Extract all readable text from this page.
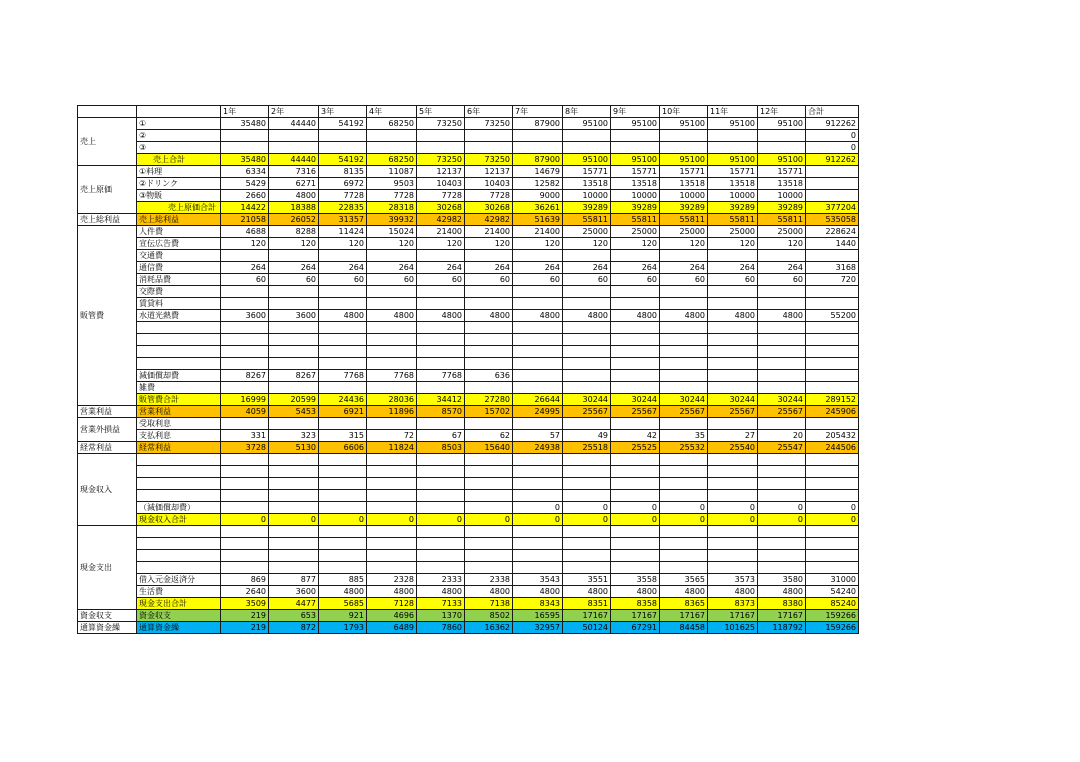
		1年	2年	3年	4年	5年	6年	7年	8年	9年	10年	11年	12年	合計
売上	①	35480	44440	54192	68250	73250	73250	87900	95100	95100	95100	95100	95100	912262
	②													0
	③													0
	売上合計	35480	44440	54192	68250	73250	73250	87900	95100	95100	95100	95100	95100	912262
売上原価	①料理	6334	7316	8135	11087	12137	12137	14679	15771	15771	15771	15771	15771	
	②ドリンク	5429	6271	6972	9503	10403	10403	12582	13518	13518	13518	13518	13518	
	③物販	2660	4800	7728	7728	7728	7728	9000	10000	10000	10000	10000	10000	
	売上原価合計	14422	18388	22835	28318	30268	30268	36261	39289	39289	39289	39289	39289	377204
売上総利益	売上総利益	21058	26052	31357	39932	42982	42982	51639	55811	55811	55811	55811	55811	535058
販管費	人件費	4688	8288	11424	15024	21400	21400	21400	25000	25000	25000	25000	25000	228624
	宣伝広告費	120	120	120	120	120	120	120	120	120	120	120	120	1440
	交通費													
	通信費	264	264	264	264	264	264	264	264	264	264	264	264	3168
	消耗品費	60	60	60	60	60	60	60	60	60	60	60	60	720
	交際費													
	賃貸料													
	水道光熱費	3600	3600	4800	4800	4800	4800	4800	4800	4800	4800	4800	4800	55200

	減価償却費	8267	8267	7768	7768	7768	636							
	雑費													
	販管費合計	16999	20599	24436	28036	34412	27280	26644	30244	30244	30244	30244	30244	289152
営業利益	営業利益	4059	5453	6921	11896	8570	15702	24995	25567	25567	25567	25567	25567	245906
営業外損益	受取利息													
	支払利息	331	323	315	72	67	62	57	49	42	35	27	20	205432
経常利益	経常利益	3728	5130	6606	11824	8503	15640	24938	25518	25525	25532	25540	25547	244506
現金収入														

	（減価償却費）							0	0	0	0	0	0	0
	現金収入合計	0	0	0	0	0	0	0	0	0	0	0	0	0
現金支出														

	借入元金返済分	869	877	885	2328	2333	2338	3543	3551	3558	3565	3573	3580	31000
	生活費	2640	3600	4800	4800	4800	4800	4800	4800	4800	4800	4800	4800	54240
	現金支出合計	3509	4477	5685	7128	7133	7138	8343	8351	8358	8365	8373	8380	85240
資金収支	資金収支	219	653	921	4696	1370	8502	16595	17167	17167	17167	17167	17167	159266
通算資金繰	通算資金繰	219	872	1793	6489	7860	16362	32957	50124	67291	84458	101625	118792	159266
